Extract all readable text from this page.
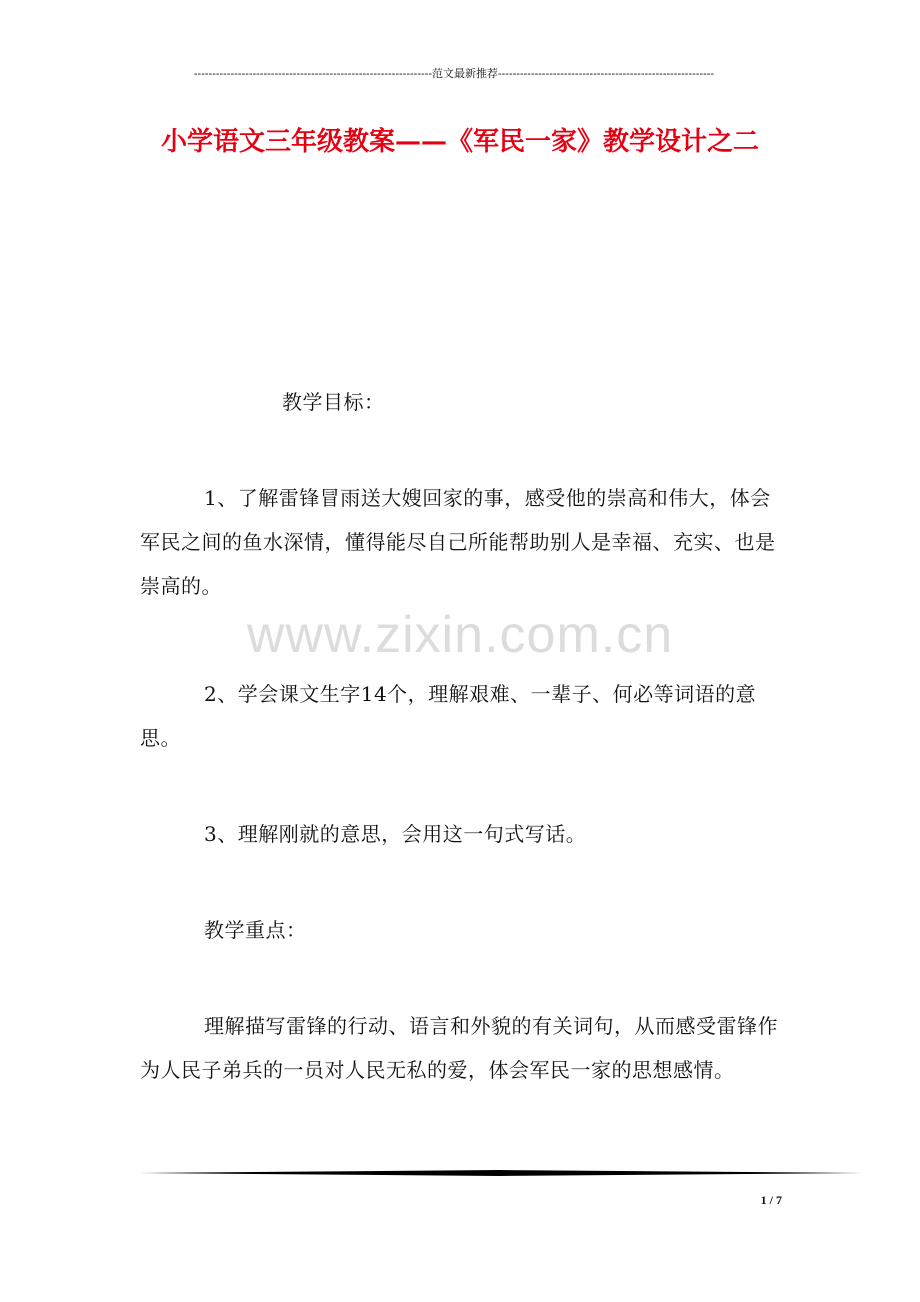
-----------------------------------------------------------------范文最新推荐-----------------------------------------------------------
小学语文三年级教案——《军民一家》教学设计之二

教学目标：

1、了解雷锋冒雨送大嫂回家的事，感受他的崇高和伟大，体会军民之间的鱼水深情，懂得能尽自己所能帮助别人是幸福、充实、也是崇高的。

2、学会课文生字14个，理解艰难、一辈子、何必等词语的意思。

3、理解刚就的意思，会用这一句式写话。

教学重点：

理解描写雷锋的行动、语言和外貌的有关词句，从而感受雷锋作为人民子弟兵的一员对人民无私的爱，体会军民一家的思想感情。

www.zixin.com.cn
1 / 7
